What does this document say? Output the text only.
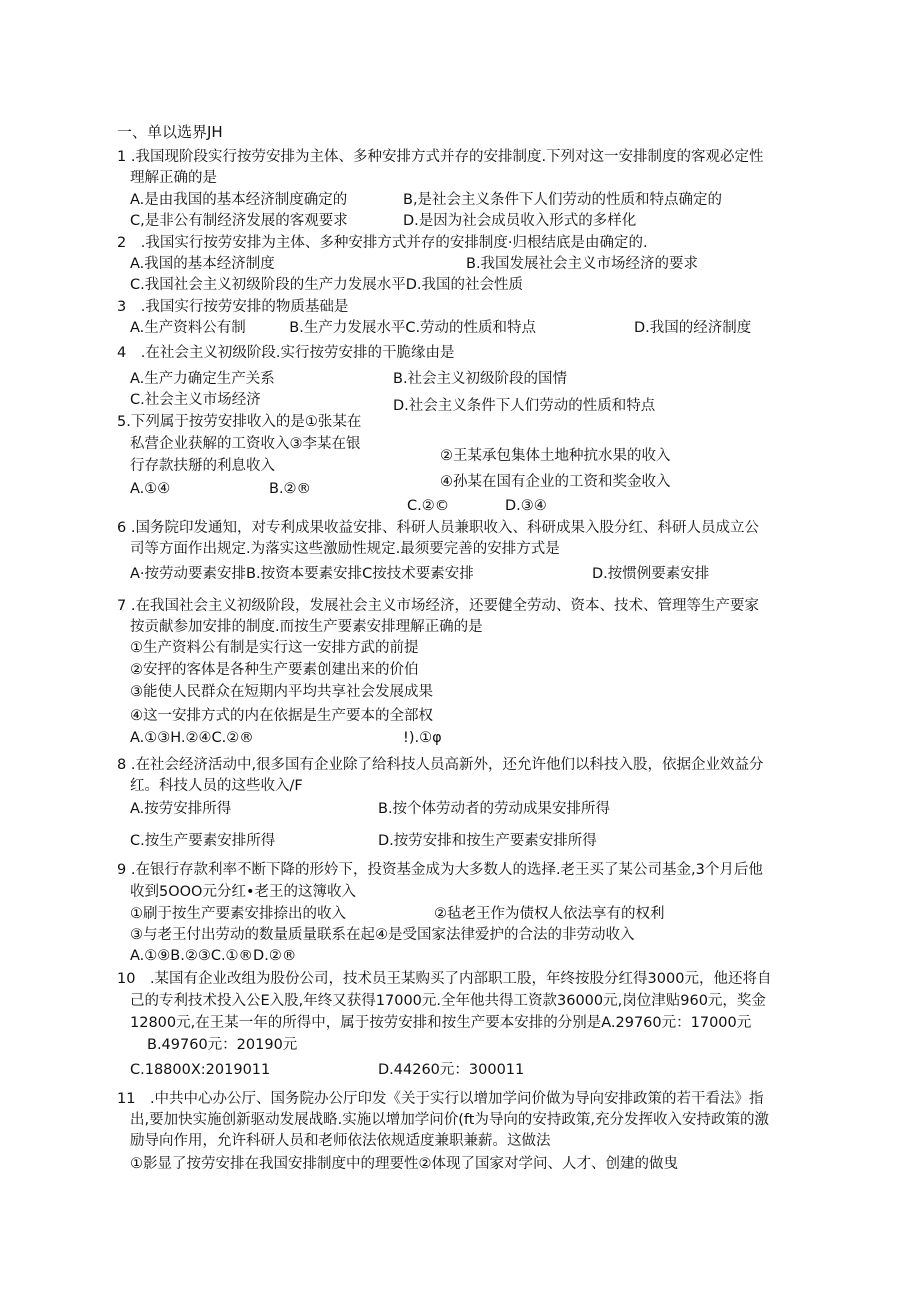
一、单以选界JH
1 .我国现阶段实行按劳安排为主体、多种安排方式并存的安排制度.下列对这一安排制度的客观必定性
理解正确的是
A.是由我国的基本经济制度确定的	B,是社会主义条件下人们劳动的性质和特点确定的
C,是非公有制经济发展的客观要求	D.是因为社会成员收入形式的多样化
2　.我国实行按劳安排为主体、多种安排方式并存的安排制度·归根结底是由确定的.
A.我国的基本经济制度	B.我国发展社会主义市场经济的要求
C.我国社会主义初级阶段的生产力发展水平D.我国的社会性质
3　.我国实行按劳安排的物质基础是
A.生产资料公有制　　　B.生产力发展水平C.劳动的性质和特点	D.我国的经济制度
4　.在社会主义初级阶段.实行按劳安排的干脆缘由是
A.生产力确定生产关系	B.社会主义初级阶段的国情
C.社会主义市场经济	D.社会主义条件下人们劳动的性质和特点
5.下列属于按劳安排收入的是①张某在
私营企业获解的工资收入③李某在银
行存款扶掰的利息收入
②王某承包集体土地种抗水果的收入
④孙某在国有企业的工资和奖金收入
A.①④	B.②®
C.②©	D.③④
6 .国务院印发通知，对专利成果收益安排、科研人员兼职收入、科研成果入股分红、科研人员成立公
司等方面作出规定.为落实这些激励性规定.最须要完善的安排方式是
A·按劳动要素安排B.按资本要素安排C按技术要素安排	D.按惯例要素安排
7 .在我国社会主义初级阶段，发展社会主义市场经济，还要健全劳动、资本、技术、管理等生产要家
按贡献参加安排的制度.而按生产要素安排理解正确的是
①生产资料公有制是实行这一安排方武的前提
②安抨的客体是各种生产要素创建出来的价伯
③能使人民群众在短期内平均共享社会发展成果
④这一安排方式的内在依据是生产要本的全部权
A.①③H.②④C.②®	!).①φ
8 .在社会经济活动中,很多国有企业除了给科技人员高新外，还允许他们以科技入股，依据企业效益分
红。科技人员的这些收入/F
A.按劳安排所得	B.按个体劳动者的劳动成果安排所得
C.按生产要素安排所得	D.按劳安排和按生产要素安排所得
9 .在银行存款利率不断下降的形妗下，投资基金成为大多数人的选择.老王买了某公司基金,3个月后他
收到5OOO元分红•老王的这簿收入
①刷于按生产要素安排捺出的收入	②毡老王作为债权人依法享有的权利
③与老王付出劳动的数量质量联系在起④是受国家法律爱护的合法的非劳动收入
A.①⑨B.②③C.①®D.②®
10　.某国有企业改组为股份公司，技术员王某购买了内部职工股，年终按股分红得3000元，他还将自
己的专利技术投入公E入股,年终又获得17000元.全年他共得工资款36000元,岗位津贴960元，奖金
12800元,在王某一年的所得中，属于按劳安排和按生产要本安排的分别是A.29760元：17000元
B.49760元：20190元
C.18800X:2019011	D.44260元：300011
11　.中共中心办公厅、国务院办公厅印发《关于实行以增加学问价做为导向安排政策的若干看法》指
出,要加快实施创新驱动发展战略.实施以增加学问价(ft为导向的安持政策,充分发挥收入安持政策的激
励导向作用，允许科研人员和老师依法依规适度兼职兼薪。这做法
①影显了按劳安排在我国安排制度中的理要性②体现了国家对学问、人才、创建的做曳
